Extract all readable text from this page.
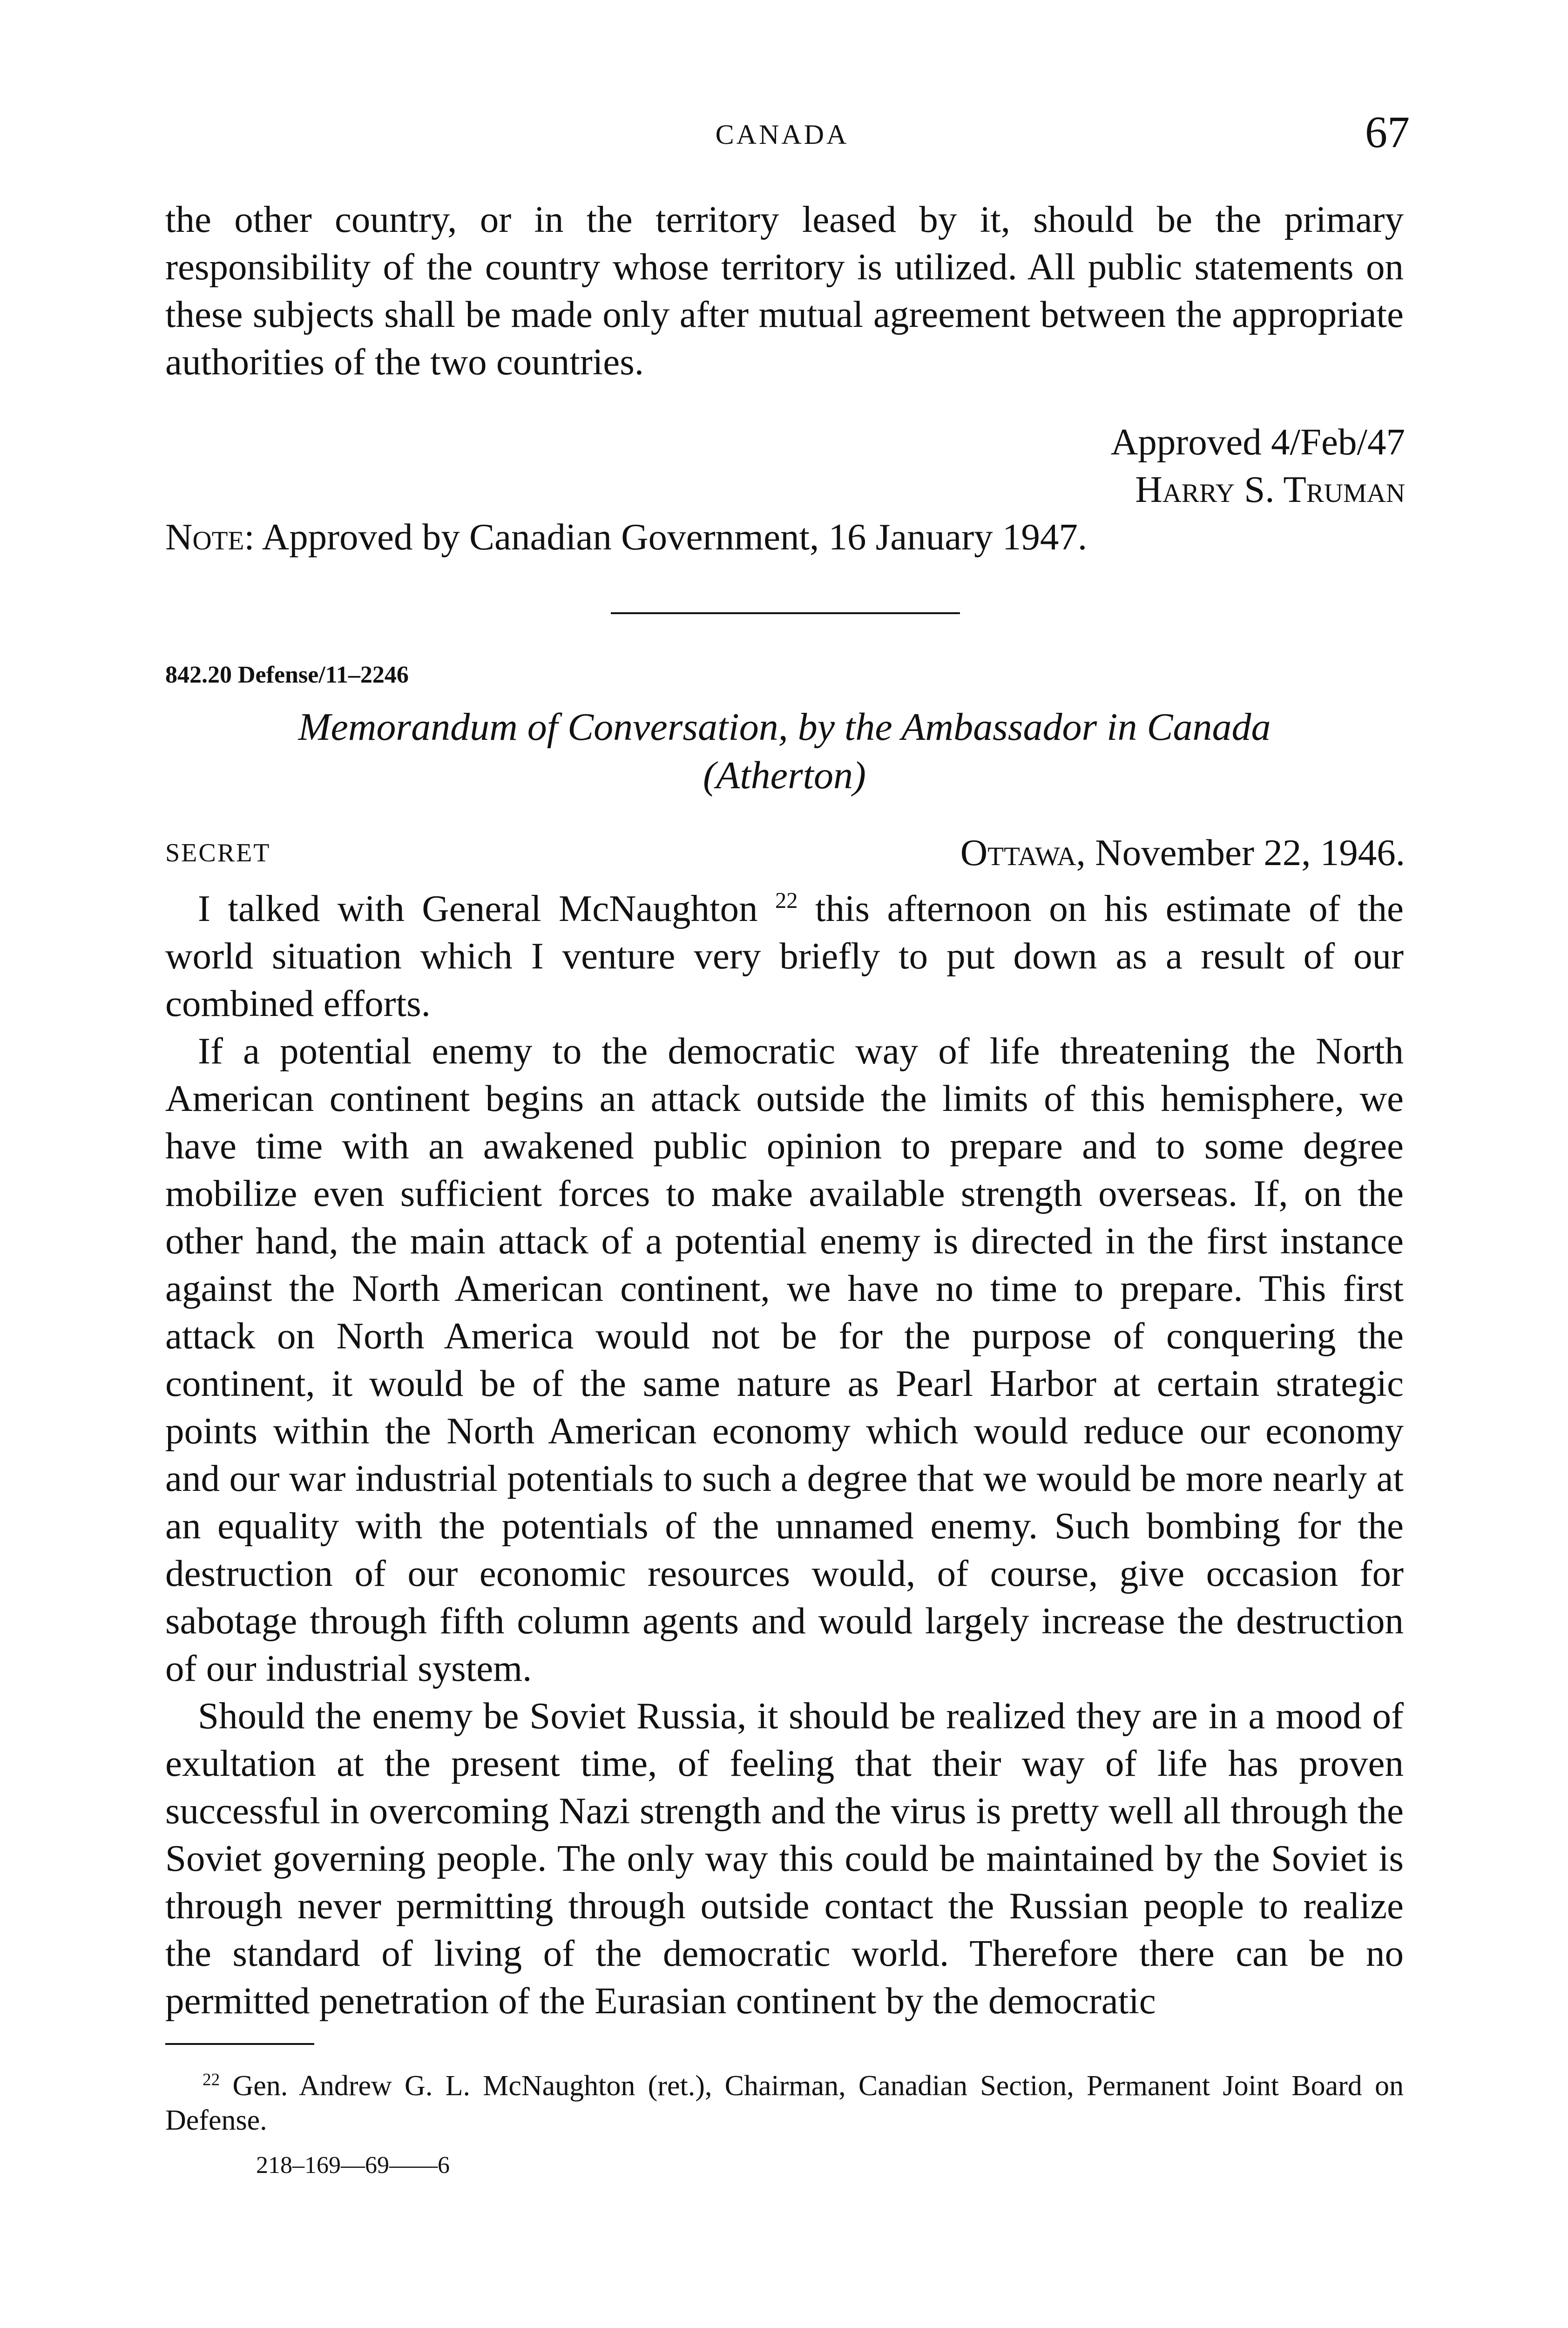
CANADA	67

the other country, or in the territory leased by it, should be the primary responsibility of the country whose territory is utilized. All public statements on these subjects shall be made only after mutual agreement between the appropriate authorities of the two countries.

Approved 4/Feb/47
Harry S. Truman
Note: Approved by Canadian Government, 16 January 1947.
842.20 Defense/11–2246
Memorandum of Conversation, by the Ambassador in Canada
(Atherton)
SECRET	Ottawa, November 22, 1946.

I talked with General McNaughton $^{22}$ this afternoon on his estimate of the world situation which I venture very briefly to put down as a result of our combined efforts.

If a potential enemy to the democratic way of life threatening the North American continent begins an attack outside the limits of this hemisphere, we have time with an awakened public opinion to prepare and to some degree mobilize even sufficient forces to make available strength overseas. If, on the other hand, the main attack of a potential enemy is directed in the first instance against the North American continent, we have no time to prepare. This first attack on North America would not be for the purpose of conquering the continent, it would be of the same nature as Pearl Harbor at certain strategic points within the North American economy which would reduce our economy and our war industrial potentials to such a degree that we would be more nearly at an equality with the potentials of the unnamed enemy. Such bombing for the destruction of our economic resources would, of course, give occasion for sabotage through fifth column agents and would largely increase the destruction of our industrial system.

Should the enemy be Soviet Russia, it should be realized they are in a mood of exultation at the present time, of feeling that their way of life has proven successful in overcoming Nazi strength and the virus is pretty well all through the Soviet governing people. The only way this could be maintained by the Soviet is through never permitting through outside contact the Russian people to realize the standard of living of the democratic world. Therefore there can be no permitted penetration of the Eurasian continent by the democratic

$^{22}$ Gen. Andrew G. L. McNaughton (ret.), Chairman, Canadian Section, Permanent Joint Board on Defense.

218–169—69——6
